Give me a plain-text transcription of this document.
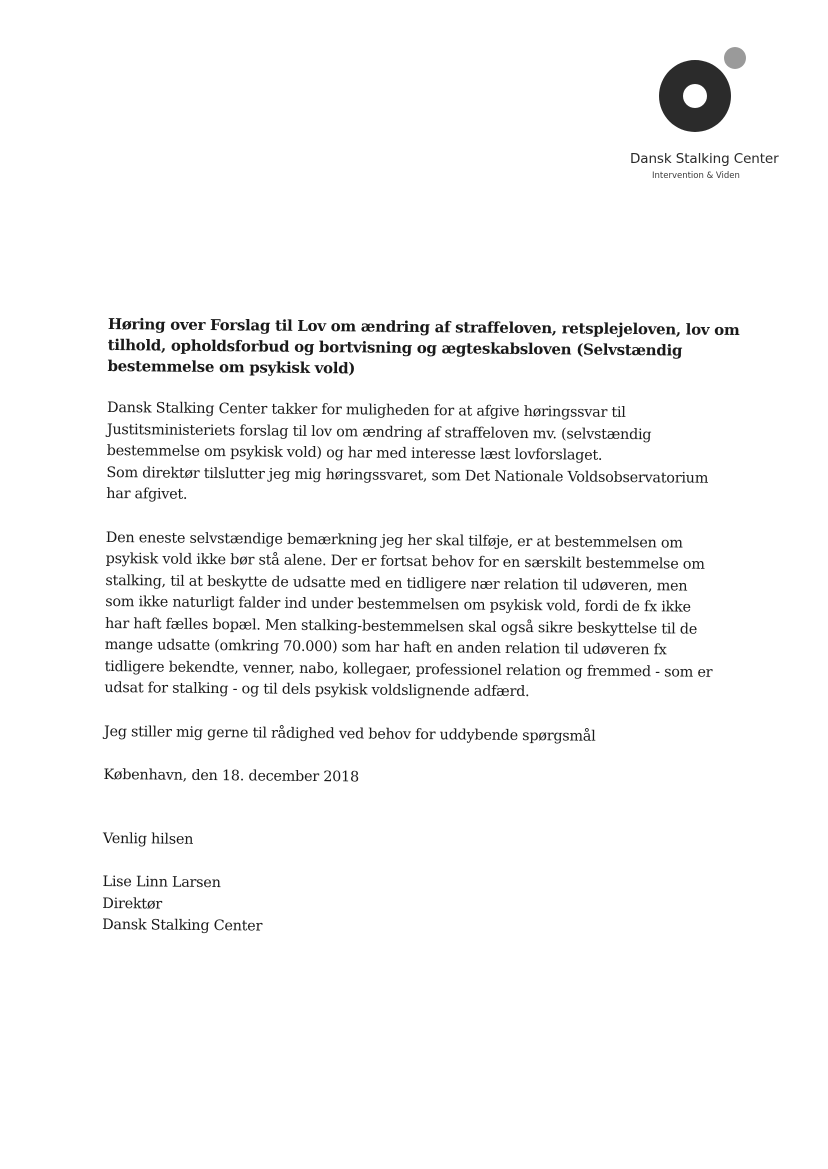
Dansk Stalking Center
Intervention & Viden
Høring over Forslag til Lov om ændring af straffeloven, retsplejeloven, lov om
tilhold, opholdsforbud og bortvisning og ægteskabsloven (Selvstændig
bestemmelse om psykisk vold)
Dansk Stalking Center takker for muligheden for at afgive høringssvar til
Justitsministeriets forslag til lov om ændring af straffeloven mv. (selvstændig
bestemmelse om psykisk vold) og har med interesse læst lovforslaget.
Som direktør tilslutter jeg mig høringssvaret, som Det Nationale Voldsobservatorium
har afgivet.
Den eneste selvstændige bemærkning jeg her skal tilføje, er at bestemmelsen om
psykisk vold ikke bør stå alene. Der er fortsat behov for en særskilt bestemmelse om
stalking, til at beskytte de udsatte med en tidligere nær relation til udøveren, men
som ikke naturligt falder ind under bestemmelsen om psykisk vold, fordi de fx ikke
har haft fælles bopæl. Men stalking-bestemmelsen skal også sikre beskyttelse til de
mange udsatte (omkring 70.000) som har haft en anden relation til udøveren fx
tidligere bekendte, venner, nabo, kollegaer, professionel relation og fremmed - som er
udsat for stalking - og til dels psykisk voldslignende adfærd.
Jeg stiller mig gerne til rådighed ved behov for uddybende spørgsmål
København, den 18. december 2018
Venlig hilsen
Lise Linn Larsen
Direktør
Dansk Stalking Center
